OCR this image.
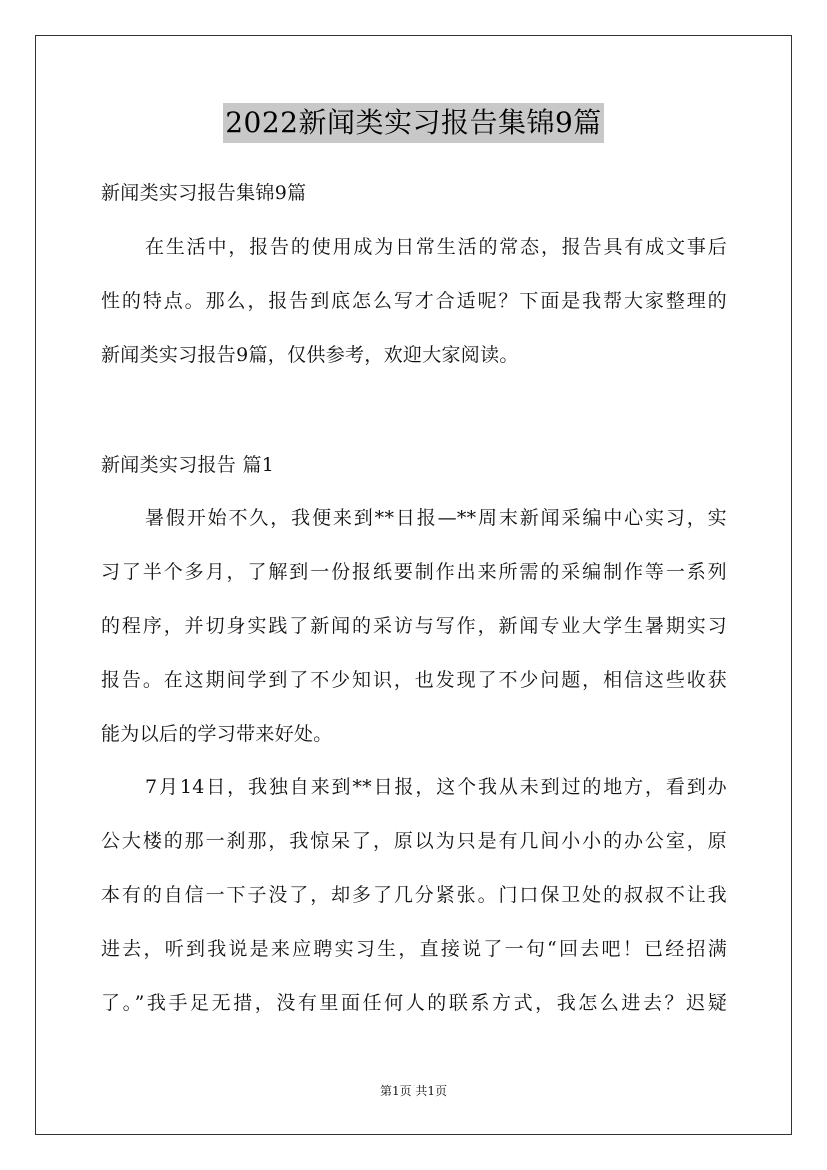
2022新闻类实习报告集锦9篇
新闻类实习报告集锦9篇
在生活中，报告的使用成为日常生活的常态，报告具有成文事后
性的特点。那么，报告到底怎么写才合适呢？下面是我帮大家整理的
新闻类实习报告9篇，仅供参考，欢迎大家阅读。
新闻类实习报告 篇1
暑假开始不久，我便来到**日报—**周末新闻采编中心实习，实
习了半个多月，了解到一份报纸要制作出来所需的采编制作等一系列
的程序，并切身实践了新闻的采访与写作，新闻专业大学生暑期实习
报告。在这期间学到了不少知识，也发现了不少问题，相信这些收获
能为以后的学习带来好处。
7月14日，我独自来到**日报，这个我从未到过的地方，看到办
公大楼的那一刹那，我惊呆了，原以为只是有几间小小的办公室，原
本有的自信一下子没了，却多了几分紧张。门口保卫处的叔叔不让我
进去，听到我说是来应聘实习生，直接说了一句“回去吧！已经招满
了。”我手足无措，没有里面任何人的联系方式，我怎么进去？迟疑
第1页 共1页
